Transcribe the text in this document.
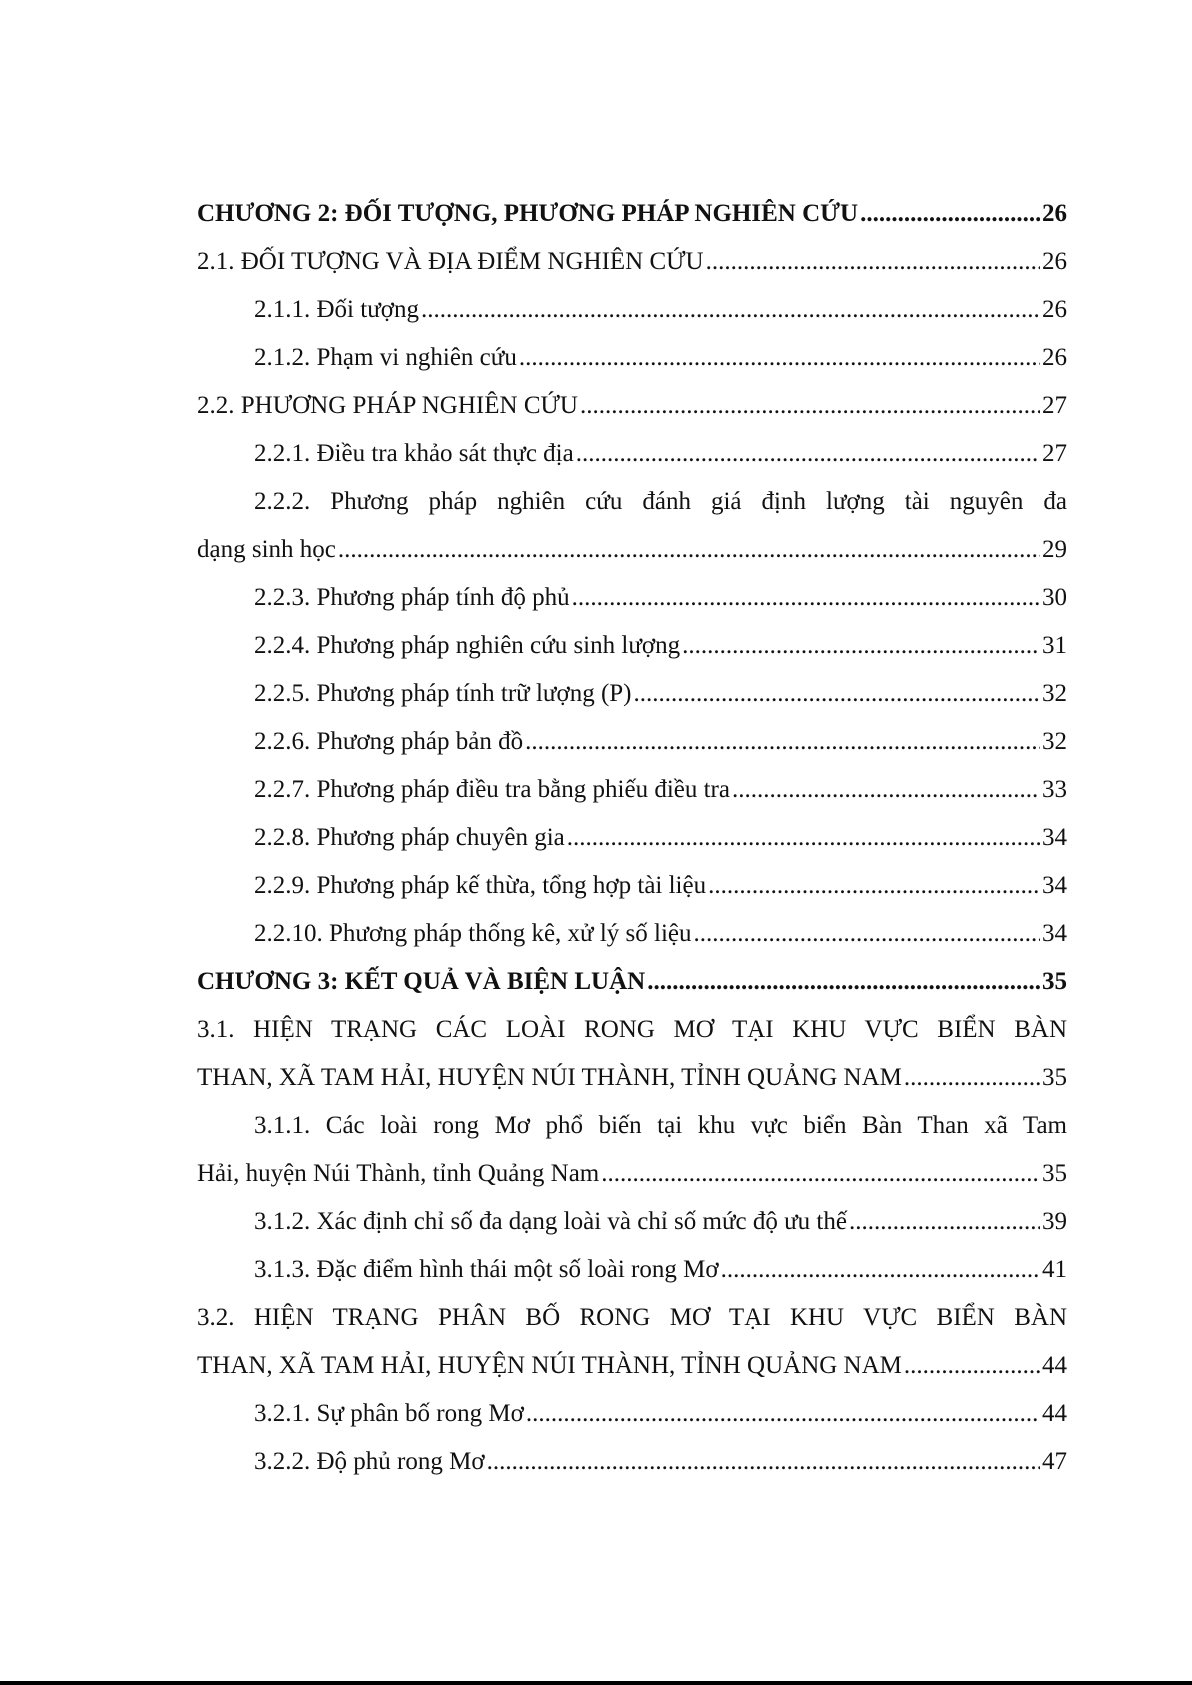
CHƯƠNG 2: ĐỐI TƯỢNG, PHƯƠNG PHÁP NGHIÊN CỨU .....	26
2.1. ĐỐI TƯỢNG VÀ ĐỊA ĐIỂM NGHIÊN CỨU .....	26
2.1.1. Đối tượng .....	26
2.1.2. Phạm vi nghiên cứu .....	26
2.2. PHƯƠNG PHÁP NGHIÊN CỨU .....	27
2.2.1. Điều tra khảo sát thực địa .....	27
2.2.2. Phương pháp nghiên cứu đánh giá định lượng tài nguyên đa
dạng sinh học .....	29
2.2.3. Phương pháp tính độ phủ .....	30
2.2.4. Phương pháp nghiên cứu sinh lượng .....	31
2.2.5. Phương pháp tính trữ lượng (P) .....	32
2.2.6. Phương pháp bản đồ .....	32
2.2.7. Phương pháp điều tra bằng phiếu điều tra .....	33
2.2.8. Phương pháp chuyên gia .....	34
2.2.9. Phương pháp kế thừa, tổng hợp tài liệu .....	34
2.2.10. Phương pháp thống kê, xử lý số liệu .....	34
CHƯƠNG 3: KẾT QUẢ VÀ BIỆN LUẬN .....	35
3.1. HIỆN TRẠNG CÁC LOÀI RONG MƠ TẠI KHU VỰC BIỂN BÀN
THAN, XÃ TAM HẢI, HUYỆN NÚI THÀNH, TỈNH QUẢNG NAM .....	35
3.1.1. Các loài rong Mơ phổ biến tại khu vực biển Bàn Than xã Tam
Hải, huyện Núi Thành, tỉnh Quảng Nam .....	35
3.1.2. Xác định chỉ số đa dạng loài và chỉ số mức độ ưu thế .....	39
3.1.3. Đặc điểm hình thái một số loài rong Mơ .....	41
3.2. HIỆN TRẠNG PHÂN BỐ RONG MƠ TẠI KHU VỰC BIỂN BÀN
THAN, XÃ TAM HẢI, HUYỆN NÚI THÀNH, TỈNH QUẢNG NAM .....	44
3.2.1. Sự phân bố rong Mơ .....	44
3.2.2. Độ phủ rong Mơ .....	47
